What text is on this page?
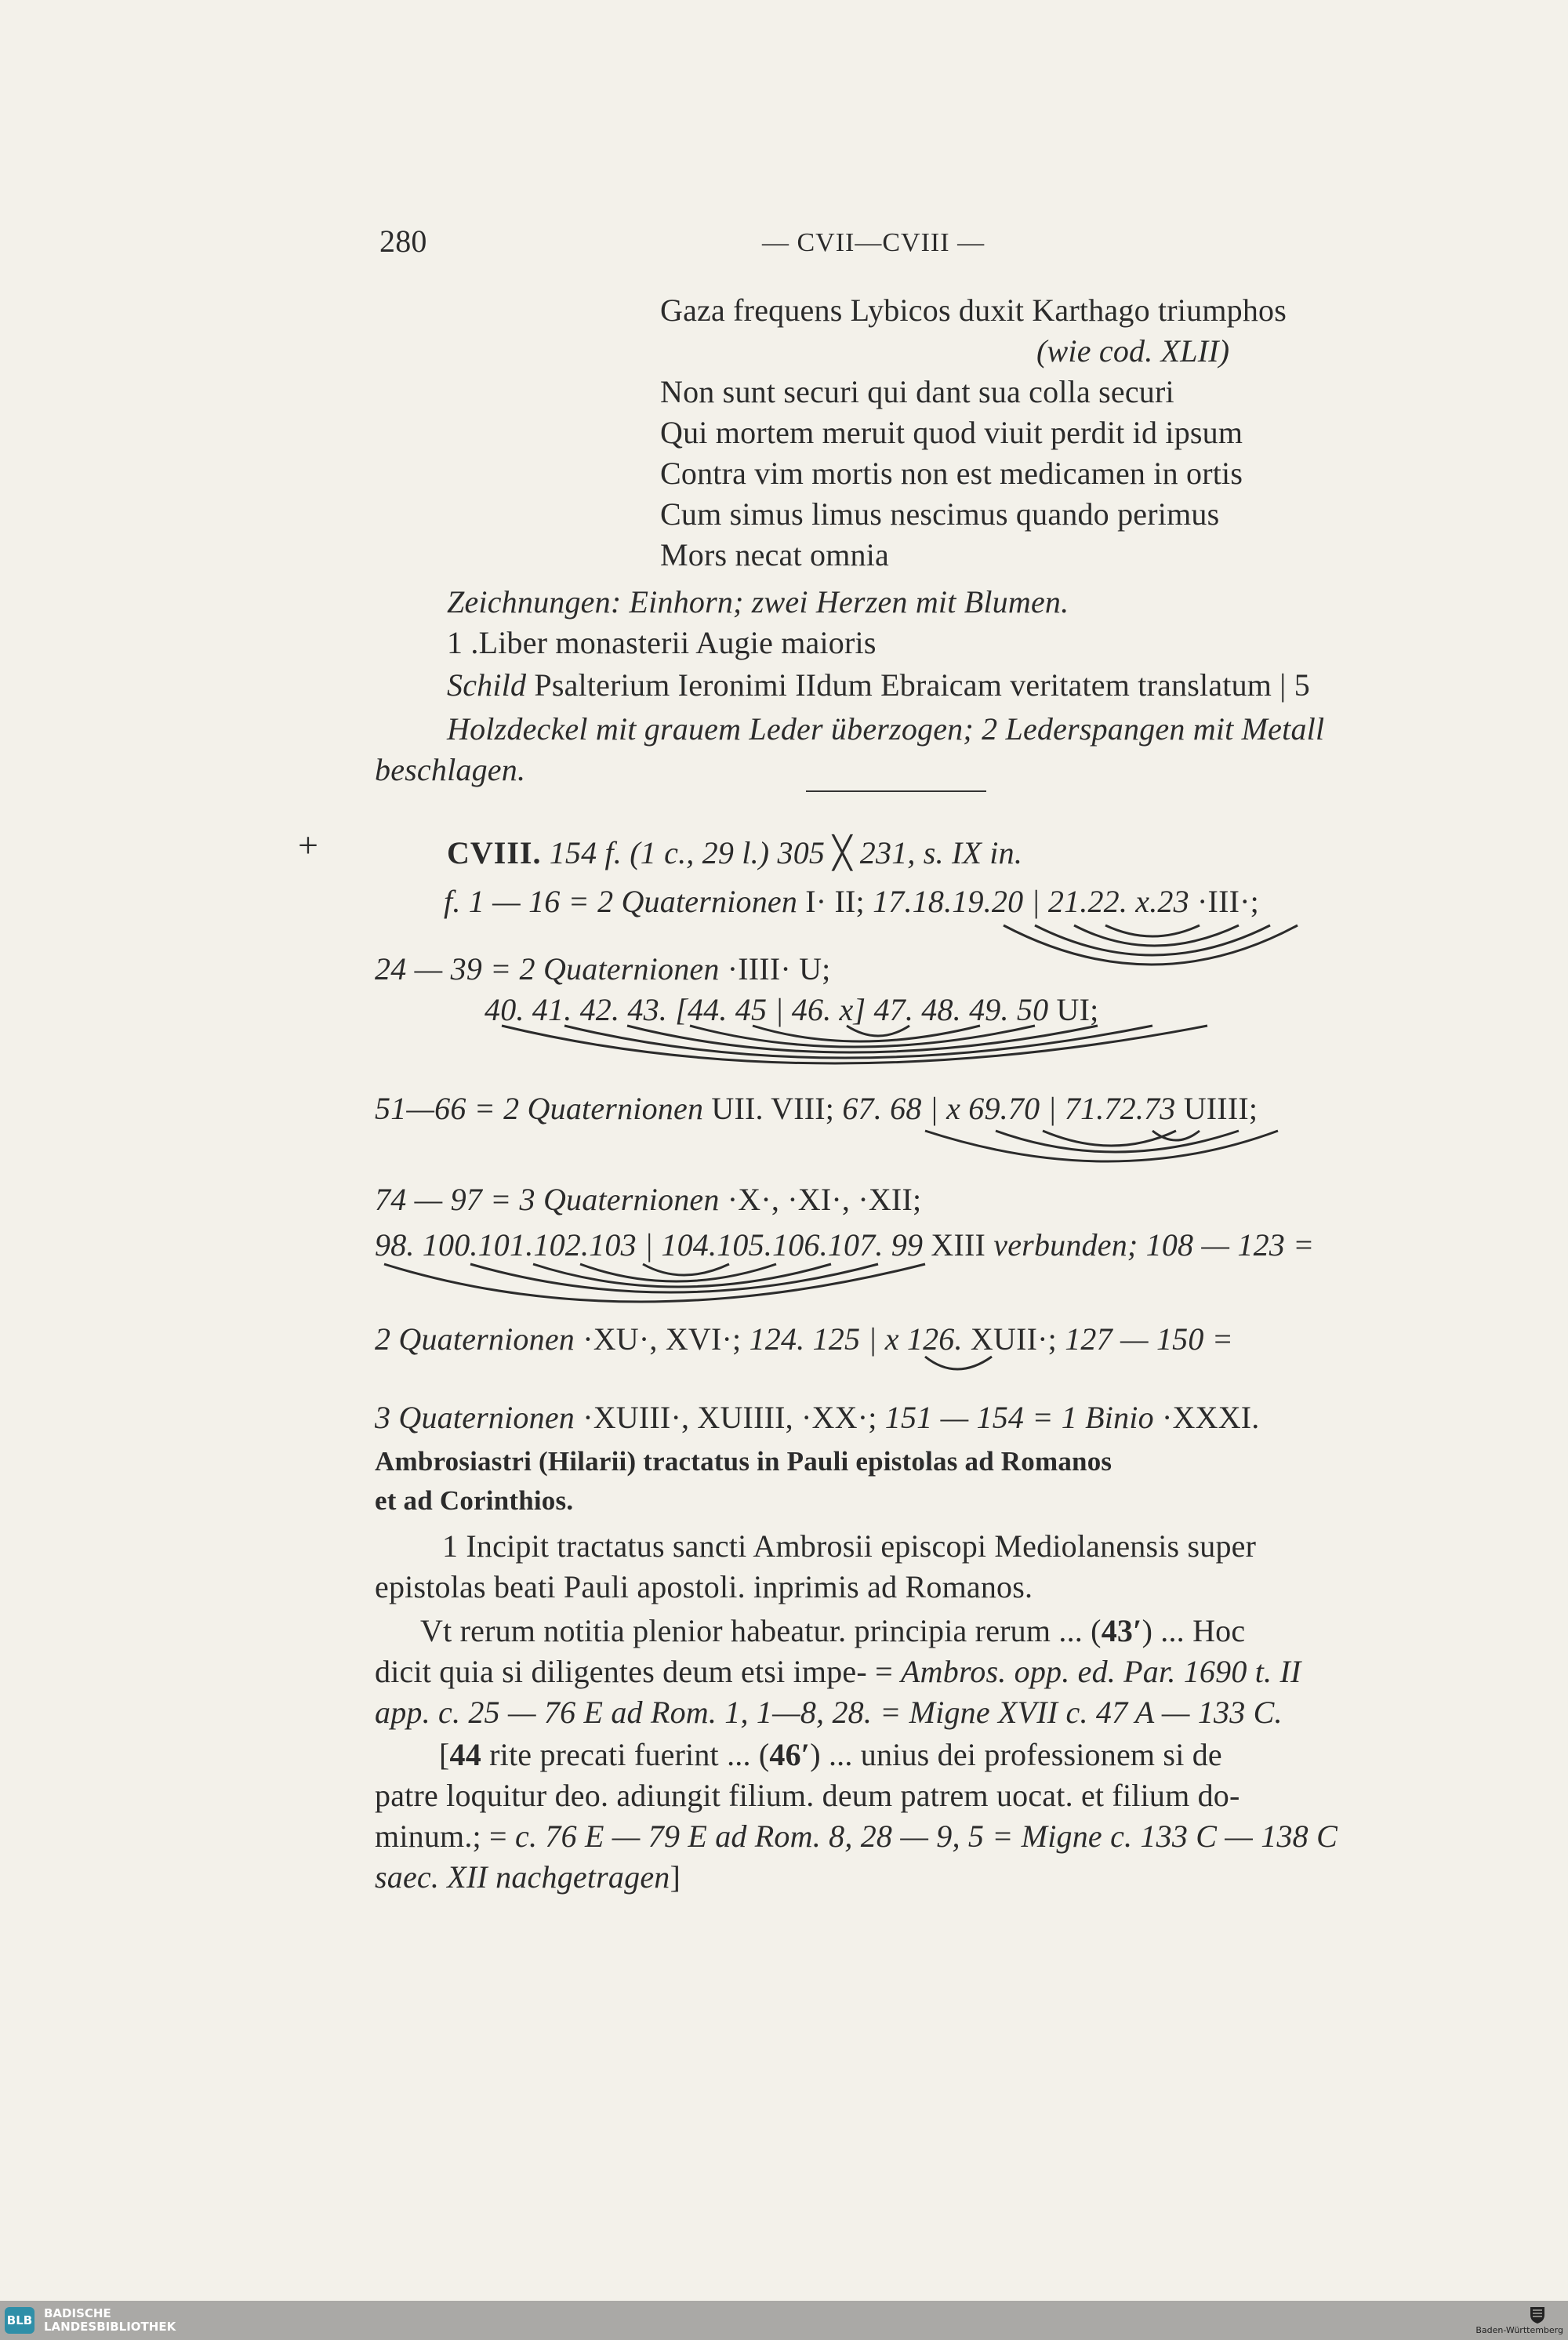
280	— CVII—CVIII —
Gaza frequens Lybicos duxit Karthago triumphos
(wie cod. XLII)
Non sunt securi qui dant sua colla securi
Qui mortem meruit quod viuit perdit id ipsum
Contra vim mortis non est medicamen in ortis
Cum simus limus nescimus quando perimus
Mors necat omnia
Zeichnungen: Einhorn; zwei Herzen mit Blumen.
1 .Liber monasterii Augie maioris
Schild Psalterium Ieronimi IIdum Ebraicam veritatem translatum | 5
Holzdeckel mit grauem Leder überzogen; 2 Lederspangen mit Metall
beschlagen.
+	CVIII. 154 f. (1 c., 29 l.) 305 ╳ 231, s. IX in.
f. 1 — 16 = 2 Quaternionen I· II; 17.18.19.20 | 21.22. x.23 ·III·;
24 — 39 = 2 Quaternionen ·IIII· U;
40. 41. 42. 43. [44. 45 | 46. x] 47. 48. 49. 50 UI;
51—66 = 2 Quaternionen UII. VIII; 67. 68 | x 69.70 | 71.72.73 UIIII;
74 — 97 = 3 Quaternionen ·X·, ·XI·, ·XII;
98. 100.101.102.103 | 104.105.106.107. 99 XIII verbunden; 108 — 123 =
2 Quaternionen ·XU·, XVI·; 124. 125 | x 126. XUII·; 127 — 150 =
3 Quaternionen ·XUIII·, XUIIII, ·XX·; 151 — 154 = 1 Binio ·XXXI.
Ambrosiastri (Hilarii) tractatus in Pauli epistolas ad Romanos
et ad Corinthios.
1 Incipit tractatus sancti Ambrosii episcopi Mediolanensis super
epistolas beati Pauli apostoli. inprimis ad Romanos.
Vt rerum notitia plenior habeatur. principia rerum ... (43′) ... Hoc
dicit quia si diligentes deum etsi impe- = Ambros. opp. ed. Par. 1690 t. II
app. c. 25 — 76 E ad Rom. 1, 1—8, 28. = Migne XVII c. 47 A — 133 C.
[44 rite precati fuerint ... (46′) ... unius dei professionem si de
patre loquitur deo. adiungit filium. deum patrem uocat. et filium do-
minum.; = c. 76 E — 79 E ad Rom. 8, 28 — 9, 5 = Migne c. 133 C — 138 C
saec. XII nachgetragen]
BLB BADISCHE
LANDESBIBLIOTHEK	Baden-Württemberg
